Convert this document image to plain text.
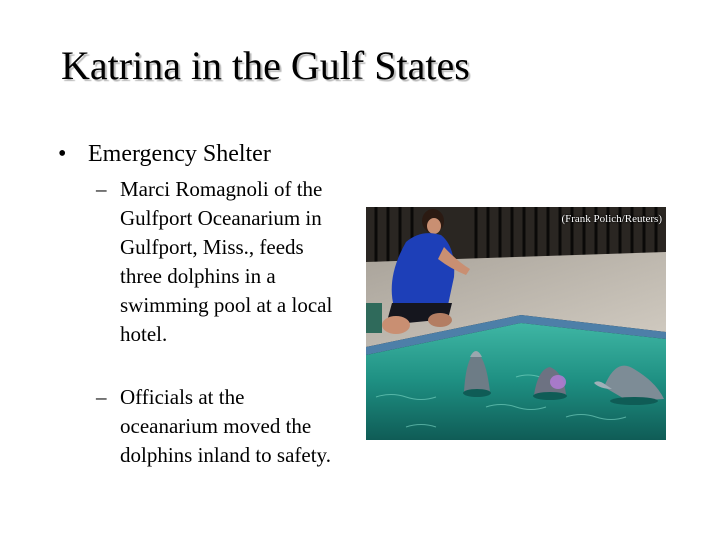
Katrina in the Gulf States
• Emergency Shelter
– Marci Romagnoli of the Gulfport Oceanarium in Gulfport, Miss., feeds three dolphins in a swimming pool at a local hotel.
– Officials at the oceanarium moved the dolphins inland to safety.
(Frank Polich/Reuters)
